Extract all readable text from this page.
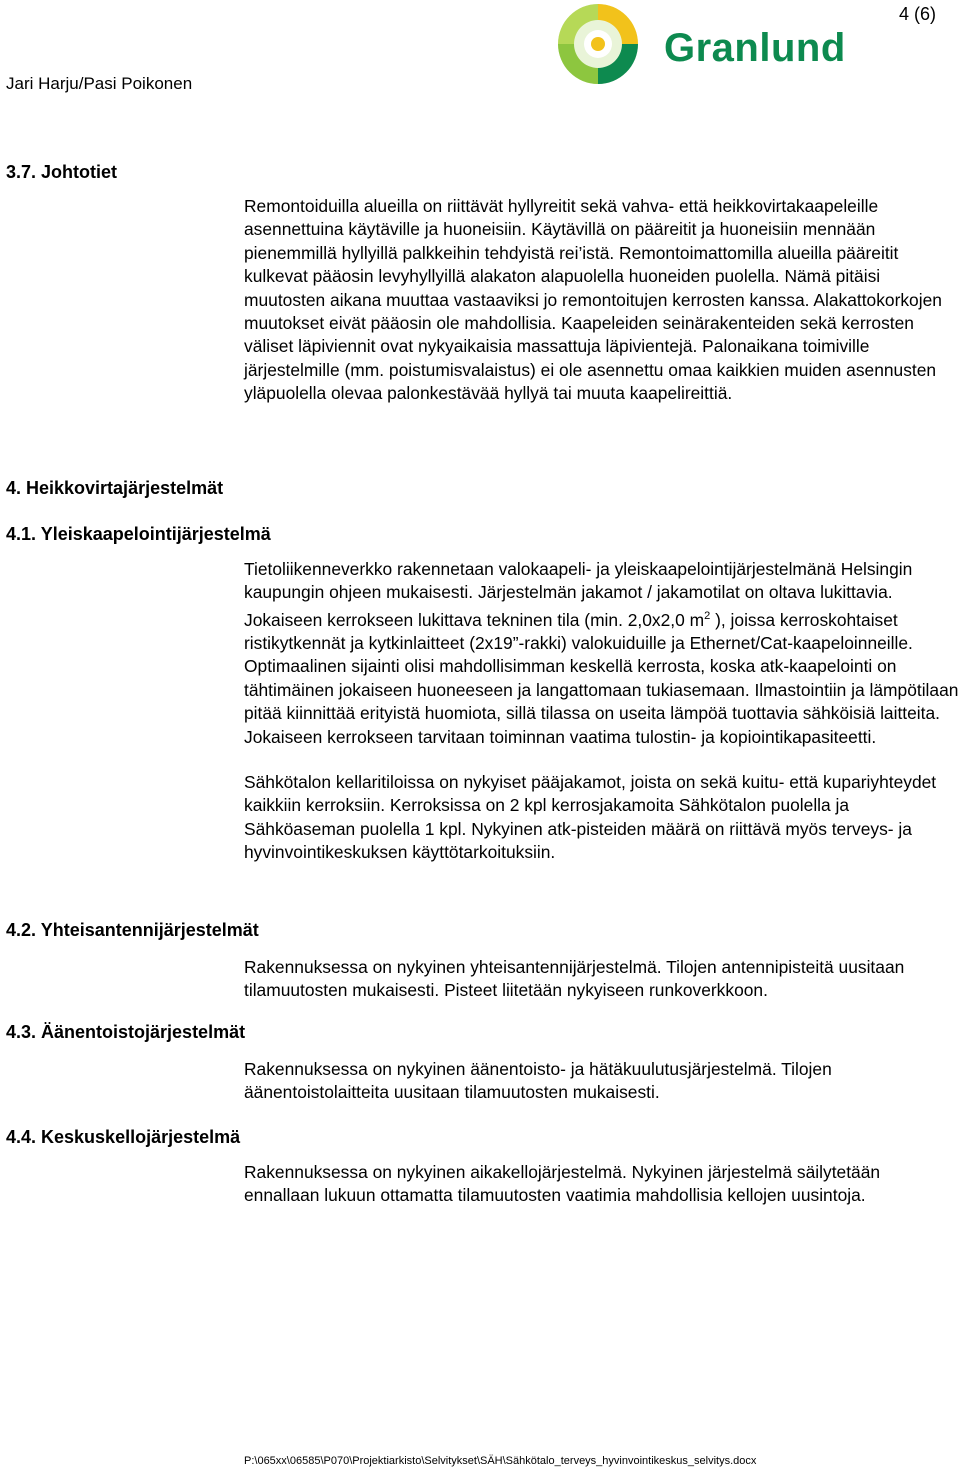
4 (6)
Jari Harju/Pasi Poikonen
Granlund
3.7. Johtotiet

Remontoiduilla alueilla on riittävät hyllyreitit sekä vahva- että heikkovirtakaapeleille asennettuina käytäville ja huoneisiin. Käytävillä on pääreitit ja huoneisiin mennään pienemmillä hyllyillä palkkeihin tehdyistä rei’istä. Remontoimattomilla alueilla pääreitit kulkevat pääosin levyhyllyillä alakaton alapuolella huoneiden puolella. Nämä pitäisi muutosten aikana muuttaa vastaaviksi jo remontoitujen kerrosten kanssa. Alakattokorkojen muutokset eivät pääosin ole mahdollisia. Kaapeleiden seinärakenteiden sekä kerrosten väliset läpiviennit ovat nykyaikaisia massattuja läpivientejä. Palonaikana toimiville järjestelmille (mm. poistumisvalaistus) ei ole asennettu omaa kaikkien muiden asennusten yläpuolella olevaa palonkestävää hyllyä tai muuta kaapelireittiä.

4. Heikkovirtajärjestelmät
4.1. Yleiskaapelointijärjestelmä

Tietoliikenneverkko rakennetaan valokaapeli- ja yleiskaapelointijärjestelmänä Helsingin kaupungin ohjeen mukaisesti. Järjestelmän jakamot / jakamotilat on oltava lukittavia. Jokaiseen kerrokseen lukittava tekninen tila (min. 2,0x2,0 $m^2$ ), joissa kerroskohtaiset ristikytkennät ja kytkinlaitteet (2x19”-rakki) valokuiduille ja Ethernet/Cat-kaapeloinneille. Optimaalinen sijainti olisi mahdollisimman keskellä kerrosta, koska atk-kaapelointi on tähtimäinen jokaiseen huoneeseen ja langattomaan tukiasemaan. Ilmastointiin ja lämpötilaan pitää kiinnittää erityistä huomiota, sillä tilassa on useita lämpöä tuottavia sähköisiä laitteita. Jokaiseen kerrokseen tarvitaan toiminnan vaatima tulostin- ja kopiointikapasiteetti.

Sähkötalon kellaritiloissa on nykyiset pääjakamot, joista on sekä kuitu- että kupariyhteydet kaikkiin kerroksiin. Kerroksissa on 2 kpl kerrosjakamoita Sähkötalon puolella ja Sähköaseman puolella 1 kpl. Nykyinen atk-pisteiden määrä on riittävä myös terveys- ja hyvinvointikeskuksen käyttötarkoituksiin.

4.2. Yhteisantennijärjestelmät

Rakennuksessa on nykyinen yhteisantennijärjestelmä. Tilojen antennipisteitä uusitaan tilamuutosten mukaisesti. Pisteet liitetään nykyiseen runkoverkkoon.

4.3. Äänentoistojärjestelmät

Rakennuksessa on nykyinen äänentoisto- ja hätäkuulutusjärjestelmä. Tilojen äänentoistolaitteita uusitaan tilamuutosten mukaisesti.

4.4. Keskuskellojärjestelmä

Rakennuksessa on nykyinen aikakellojärjestelmä. Nykyinen järjestelmä säilytetään ennallaan lukuun ottamatta tilamuutosten vaatimia mahdollisia kellojen uusintoja.

P:\065xx\06585\P070\Projektiarkisto\Selvitykset\SÄH\Sähkötalo_terveys_hyvinvointikeskus_selvitys.docx
